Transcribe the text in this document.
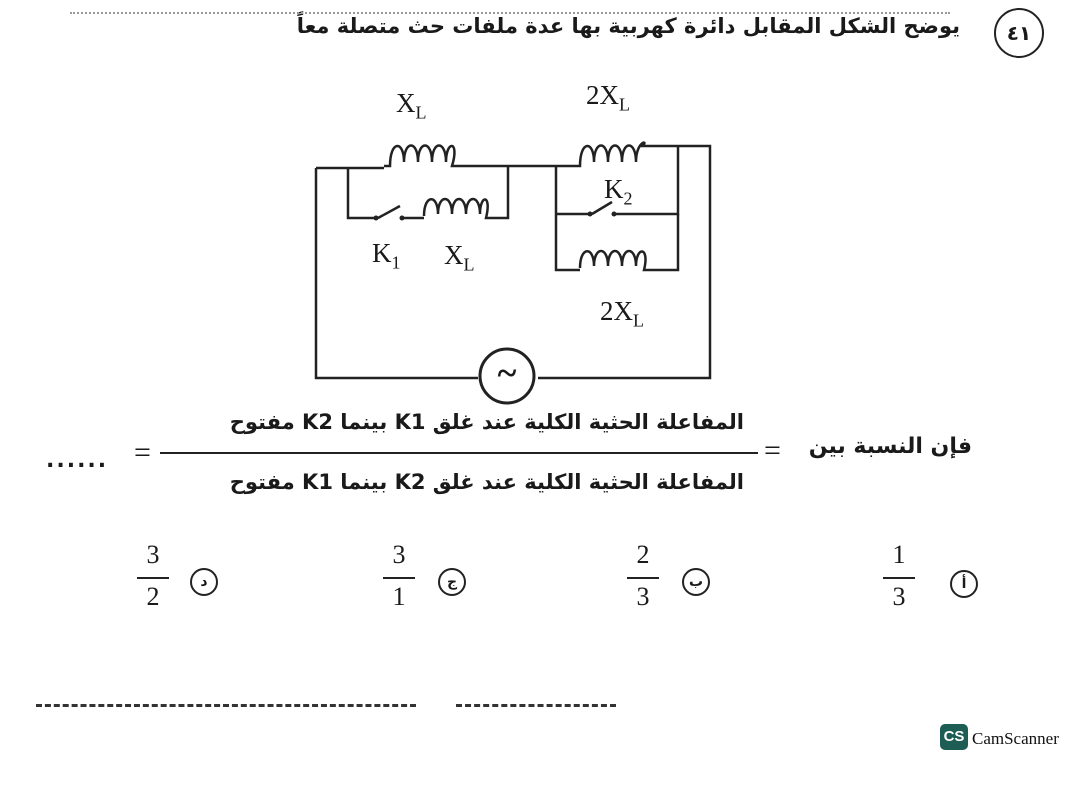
٤١
يوضح الشكل المقابل دائرة كهربية بها عدة ملفات حث متصلة معاً
$X_L$
$2X_L$
$K_1$ $X_L$
$K_2$
$2X_L$
~
فإن النسبة بين
=
المفاعلة الحثية الكلية عند غلق K1 بينما K2 مفتوح
المفاعلة الحثية الكلية عند غلق K2 بينما K1 مفتوح
=
......
أ
1
3
ب
2
3
ج
3
1
د
3
2
CS CamScanner
